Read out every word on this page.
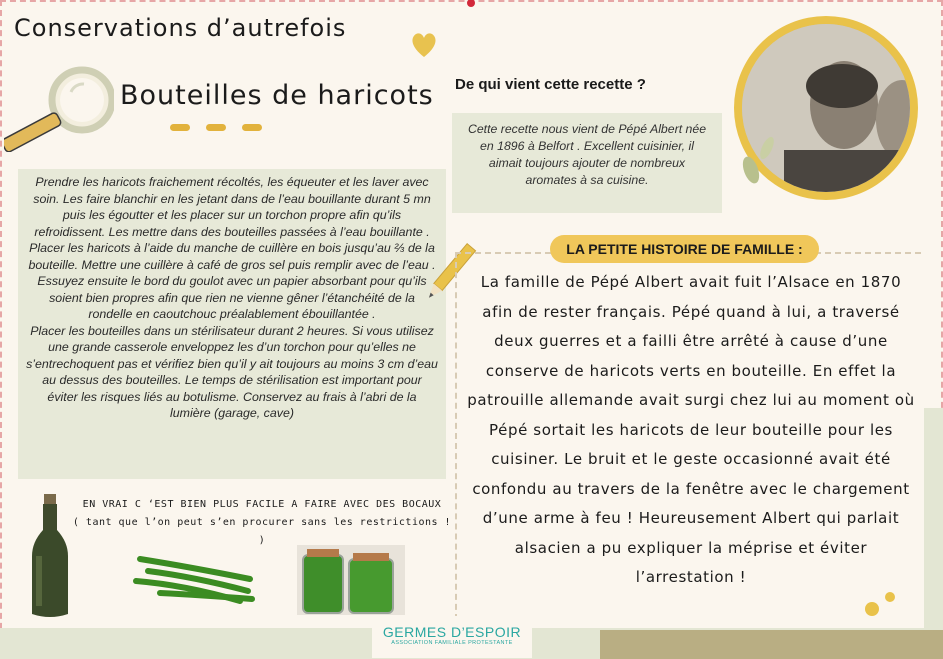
Conservations d’autrefois
Bouteilles de haricots De qui vient cette recette ?
Cette recette nous vient de Pépé Albert née en 1896 à Belfort . Excellent cuisinier, il aimait toujours ajouter de nombreux aromates à sa cuisine.

Prendre les haricots fraichement récoltés, les équeuter et les laver avec soin. Les faire blanchir en les jetant dans de l’eau bouillante durant 5 mn puis les égoutter et les placer sur un torchon propre afin qu’ils refroidissent. Les mettre dans des bouteilles passées à l’eau bouillante . Placer les haricots à l’aide du manche de cuillère en bois jusqu’au ⅔ de la bouteille. Mettre une cuillère à café de gros sel puis remplir avec de l’eau . Essuyez ensuite le bord du goulot avec un papier absorbant pour qu’ils soient bien propres afin que rien ne vienne gêner l’étanchéité de la rondelle en caoutchouc préalablement ébouillantée .

Placer les bouteilles dans un stérilisateur durant 2 heures. Si vous utilisez une grande casserole enveloppez les d’un torchon pour qu’elles ne s’entrechoquent pas et vérifiez bien qu’il y ait toujours au moins 3 cm d’eau au dessus des bouteilles. Le temps de stérilisation est important pour éviter les risques liés au botulisme. Conservez au frais à l’abri de la lumière (garage, cave)

LA PETITE HISTOIRE DE FAMILLE :
La famille de Pépé Albert avait fuit l’Alsace en 1870 afin de rester français. Pépé quand à lui, a traversé deux guerres et a failli être arrêté à cause d’une conserve de haricots verts en bouteille. En effet la patrouille allemande avait surgi chez lui au moment où Pépé sortait les haricots de leur bouteille pour les cuisiner. Le bruit et le geste occasionné avait été confondu au travers de la fenêtre avec le chargement d’une arme à feu ! Heureusement Albert qui parlait alsacien a pu expliquer la méprise et éviter l’arrestation !
EN VRAI C ‘EST BIEN PLUS FACILE A FAIRE AVEC DES BOCAUX
( tant que l’on peut s’en procurer sans les restrictions ! )
GERMES D’ESPOIR
ASSOCIATION FAMILIALE PROTESTANTE
